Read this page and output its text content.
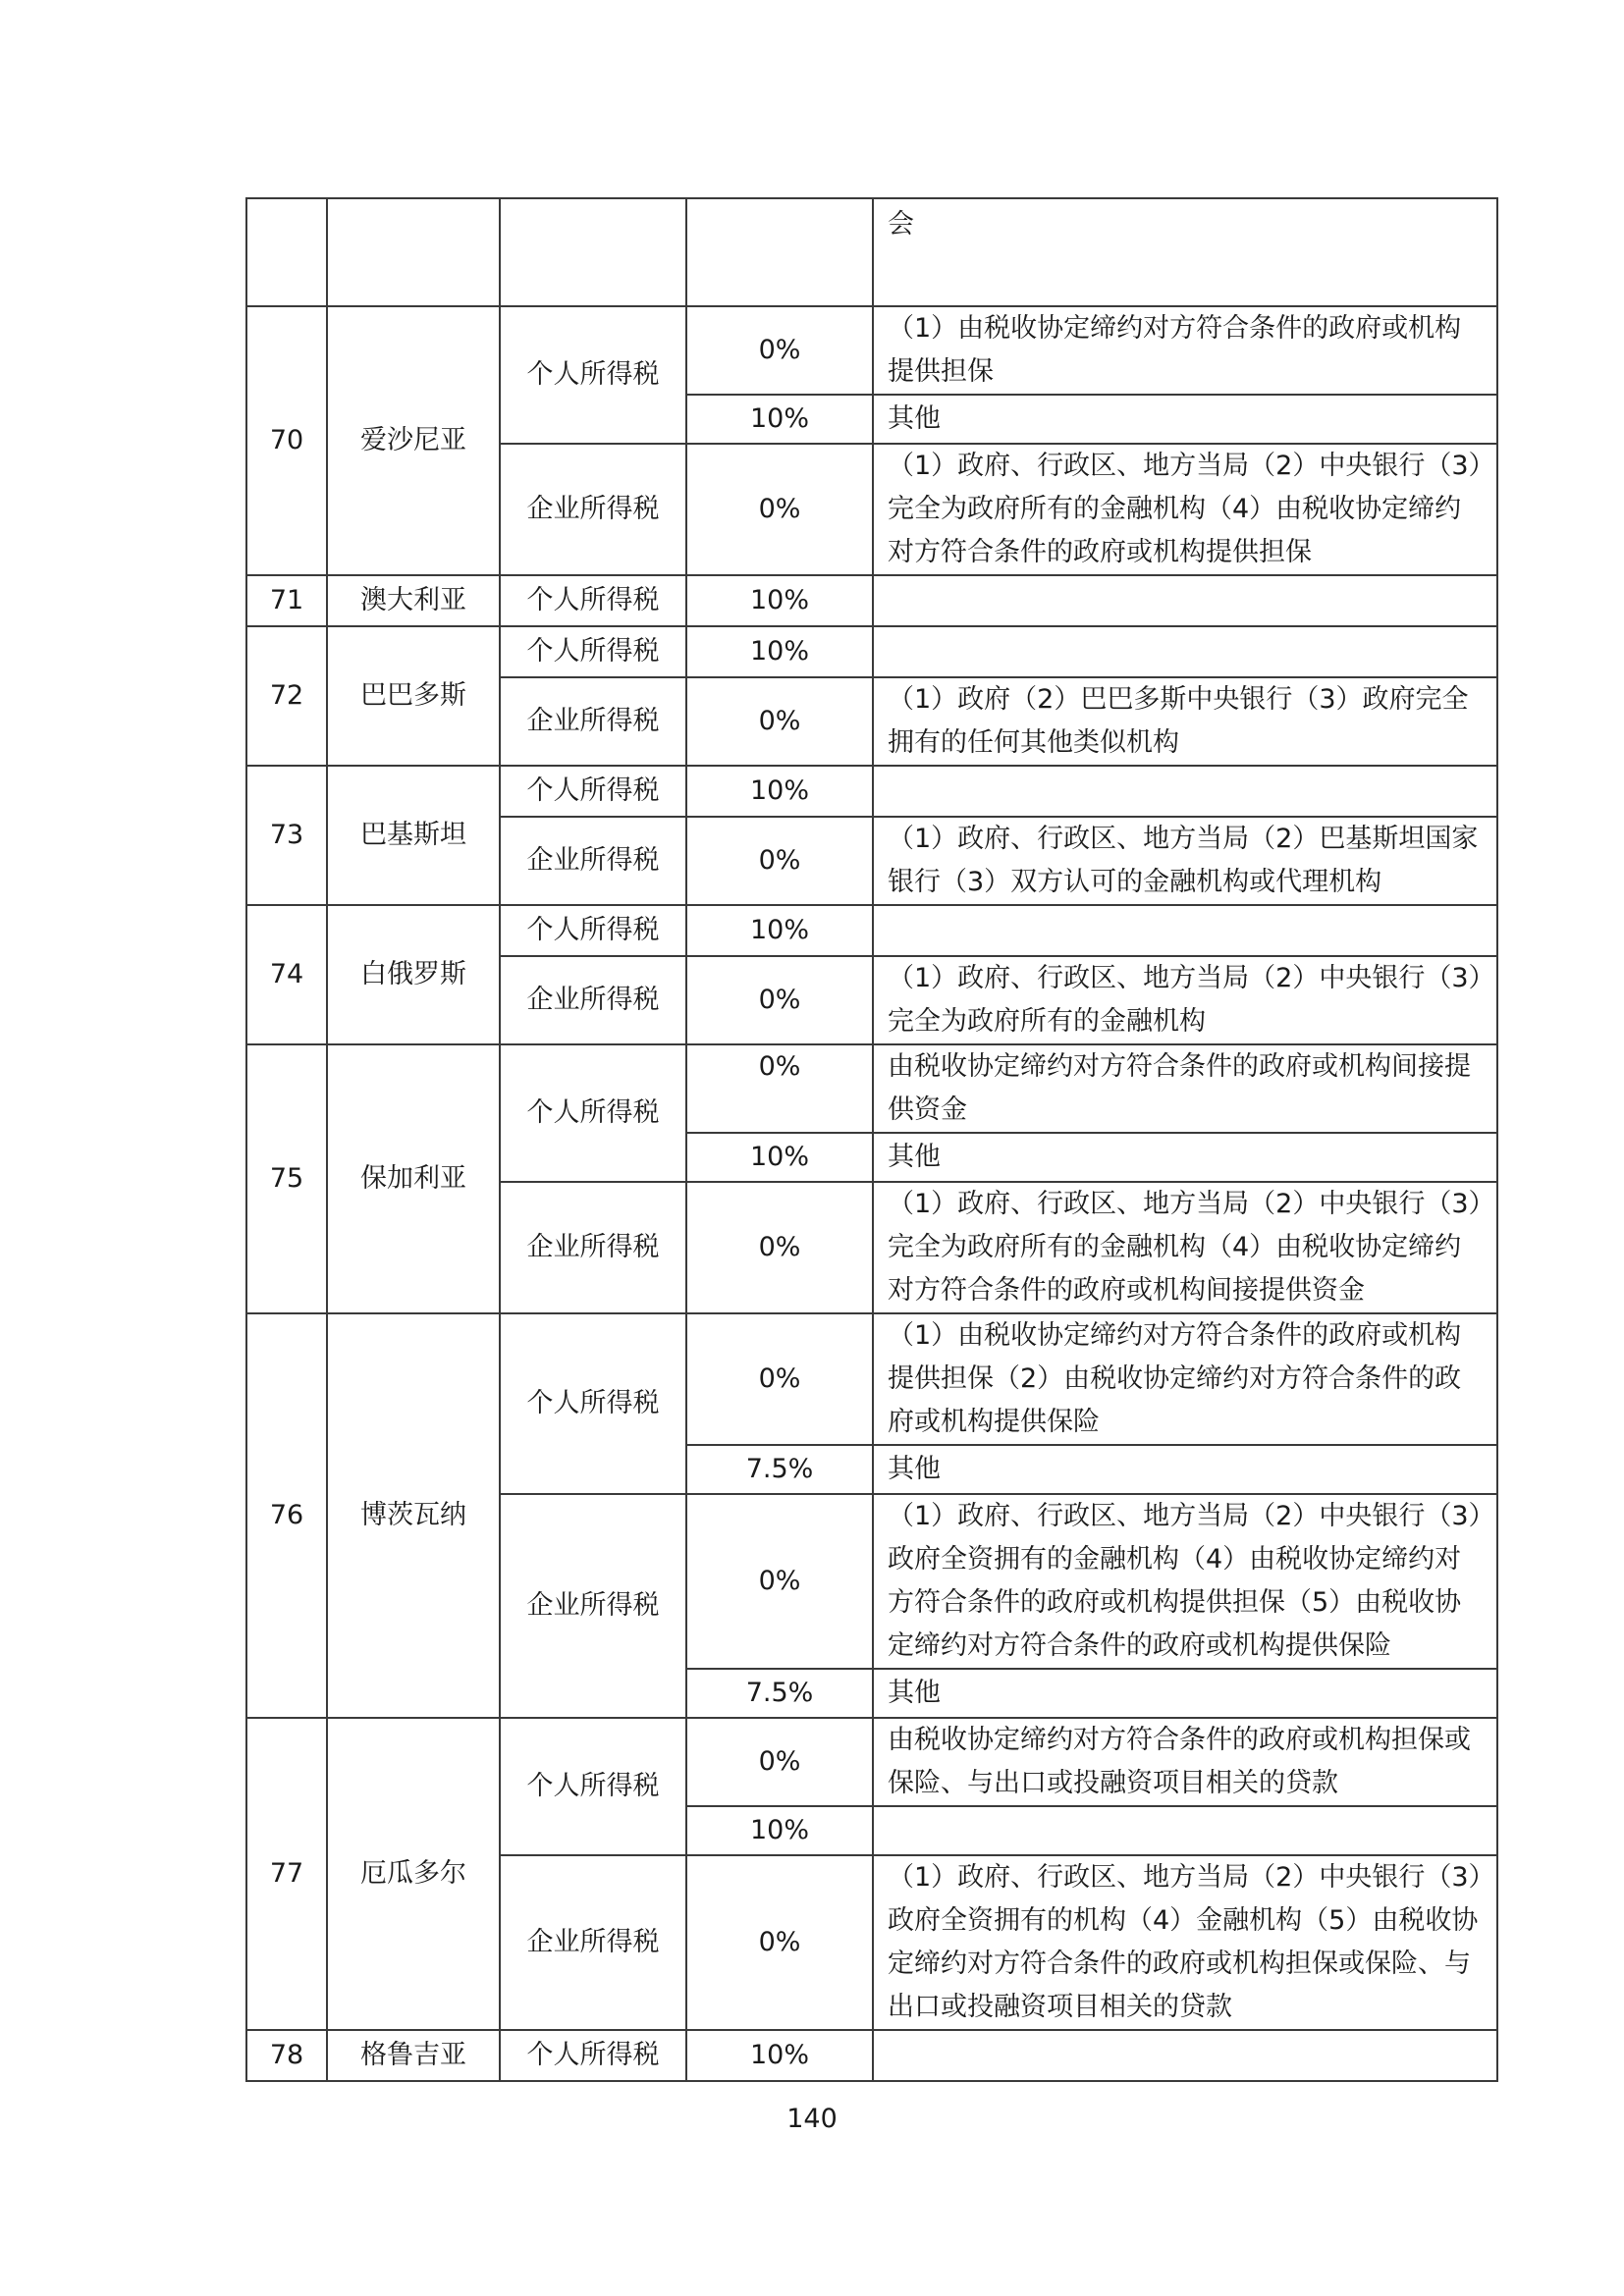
				会
70	爱沙尼亚	个人所得税	0%	（1）由税收协定缔约对方符合条件的政府或机构提供担保
			10%	其他
		企业所得税	0%	（1）政府、行政区、地方当局（2）中央银行（3）完全为政府所有的金融机构（4）由税收协定缔约对方符合条件的政府或机构提供担保
71	澳大利亚	个人所得税	10%	
72	巴巴多斯	个人所得税	10%	
		企业所得税	0%	（1）政府（2）巴巴多斯中央银行（3）政府完全拥有的任何其他类似机构
73	巴基斯坦	个人所得税	10%	
		企业所得税	0%	（1）政府、行政区、地方当局（2）巴基斯坦国家银行（3）双方认可的金融机构或代理机构
74	白俄罗斯	个人所得税	10%	
		企业所得税	0%	（1）政府、行政区、地方当局（2）中央银行（3）完全为政府所有的金融机构
75	保加利亚	个人所得税	0%	由税收协定缔约对方符合条件的政府或机构间接提供资金
			10%	其他
		企业所得税	0%	（1）政府、行政区、地方当局（2）中央银行（3）完全为政府所有的金融机构（4）由税收协定缔约对方符合条件的政府或机构间接提供资金
76	博茨瓦纳	个人所得税	0%	（1）由税收协定缔约对方符合条件的政府或机构提供担保（2）由税收协定缔约对方符合条件的政府或机构提供保险
			7.5%	其他
		企业所得税	0%	（1）政府、行政区、地方当局（2）中央银行（3）政府全资拥有的金融机构（4）由税收协定缔约对方符合条件的政府或机构提供担保（5）由税收协定缔约对方符合条件的政府或机构提供保险
			7.5%	其他
77	厄瓜多尔	个人所得税	0%	由税收协定缔约对方符合条件的政府或机构担保或保险、与出口或投融资项目相关的贷款
			10%	
		企业所得税	0%	（1）政府、行政区、地方当局（2）中央银行（3）政府全资拥有的机构（4）金融机构（5）由税收协定缔约对方符合条件的政府或机构担保或保险、与出口或投融资项目相关的贷款
78	格鲁吉亚	个人所得税	10%	
140
